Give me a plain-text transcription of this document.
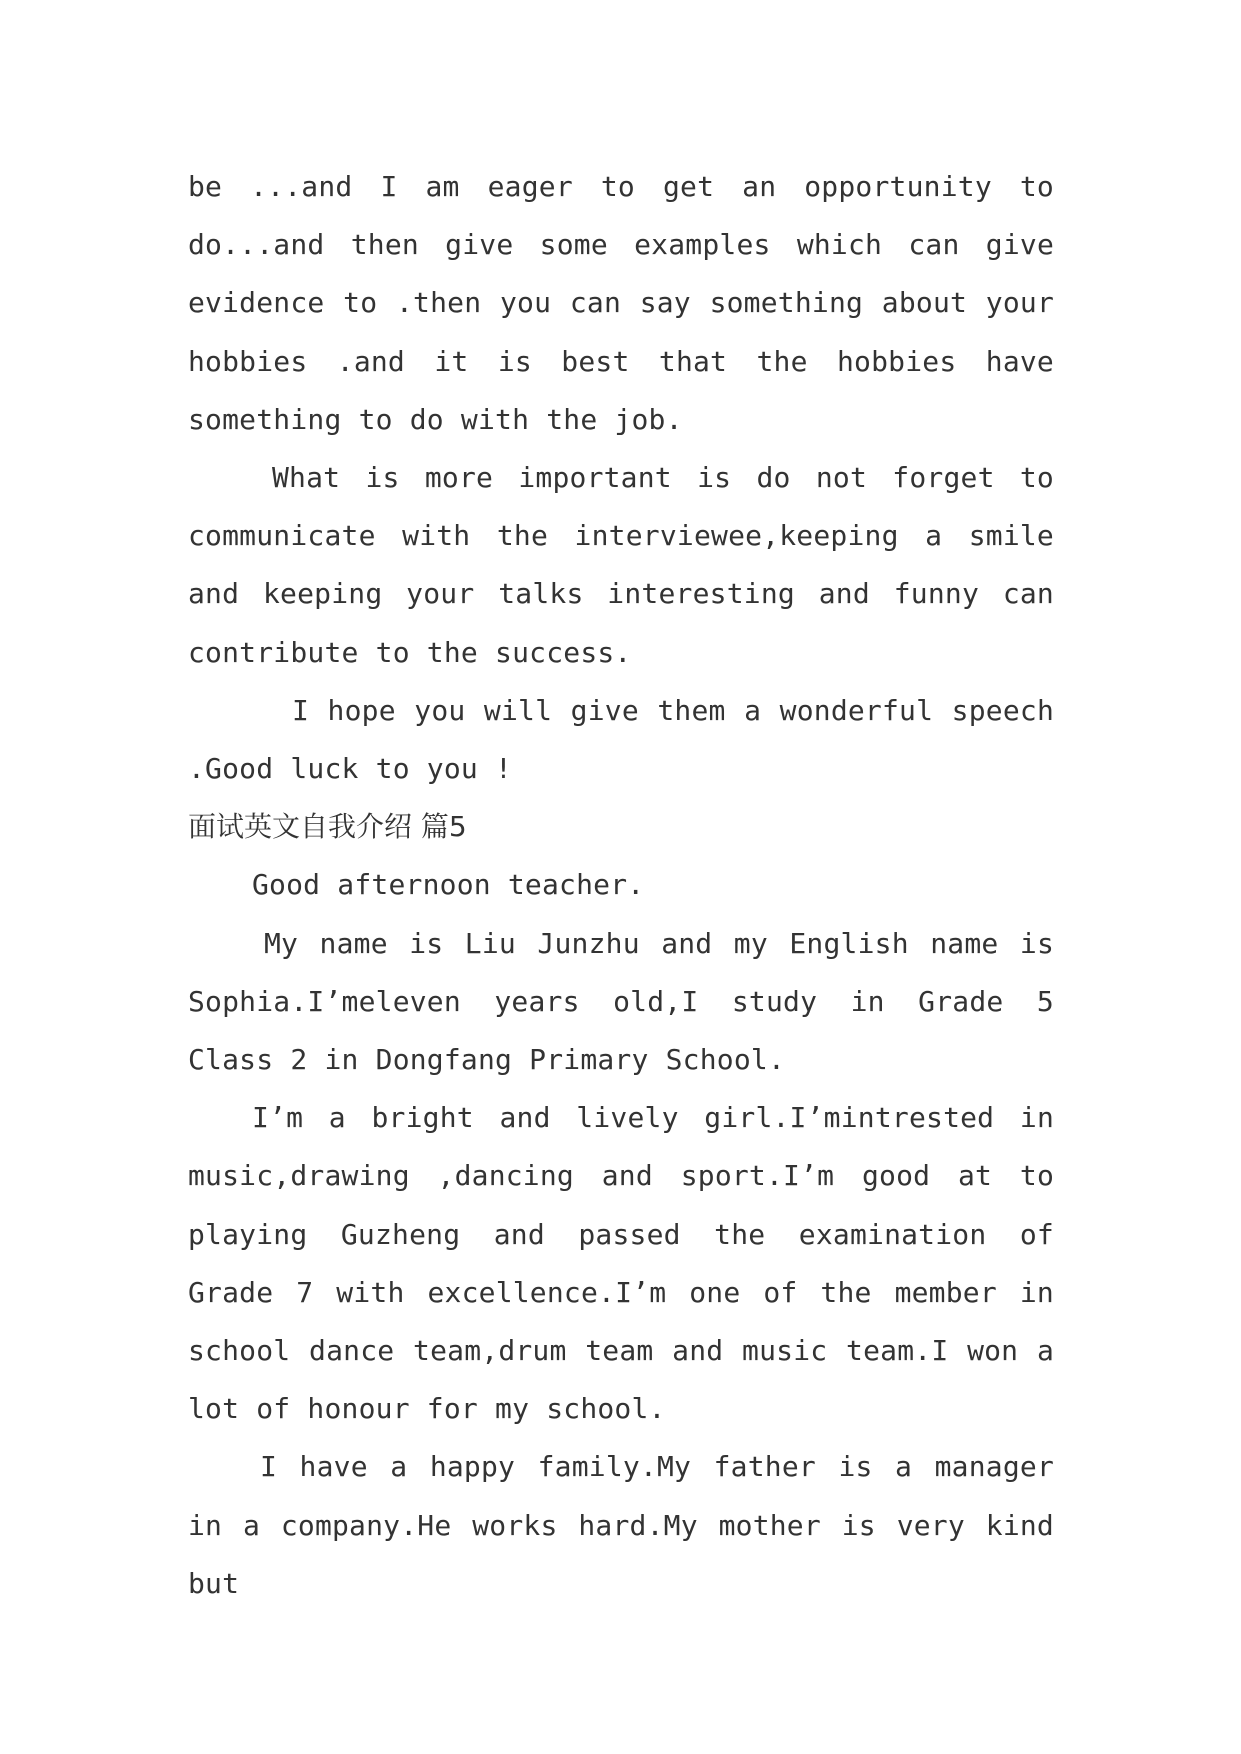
be ...and I am eager to get an opportunity to do...and then give some examples which can give evidence to .then you can say something about your hobbies .and it is best that the hobbies have something to do with the job.

What is more important is do not forget to communicate with the interviewee,keeping a smile and keeping your talks interesting and funny can contribute to the success.

I hope you will give them a wonderful speech .Good luck to you !

面试英文自我介绍 篇5

Good afternoon teacher.

My name is Liu Junzhu and my English name is Sophia.I’meleven years old,I study in Grade 5 Class 2 in Dongfang Primary School.

I’m a bright and lively girl.I’mintrested in music,drawing ,dancing and sport.I’m good at to playing Guzheng and passed the examination of Grade 7 with excellence.I’m one of the member in school dance team,drum team and music team.I won a lot of honour for my school.

I have a happy family.My father is a manager in a company.He works hard.My mother is very kind but
